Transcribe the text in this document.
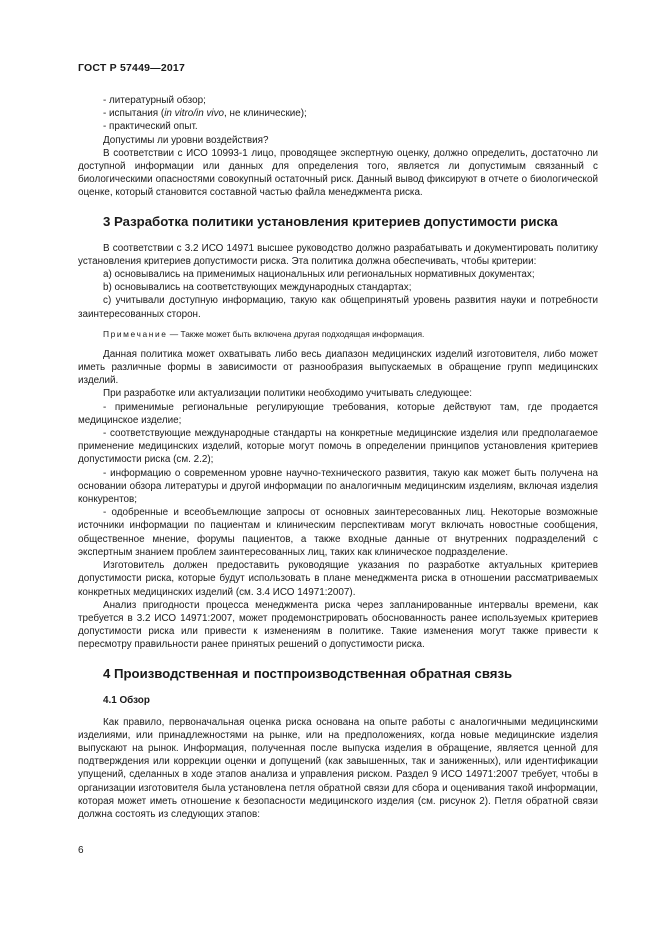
ГОСТ Р 57449—2017

- литературный обзор;

- испытания (in vitro/in vivo, не клинические);

- практический опыт.

Допустимы ли уровни воздействия?

В соответствии с ИСО 10993-1 лицо, проводящее экспертную оценку, должно определить, достаточно ли доступной информации или данных для определения того, является ли допустимым связанный с биологическими опасностями совокупный остаточный риск. Данный вывод фиксируют в отчете о биологической оценке, который становится составной частью файла менеджмента риска.

3 Разработка политики установления критериев допустимости риска

В соответствии с 3.2 ИСО 14971 высшее руководство должно разрабатывать и документировать политику установления критериев допустимости риска. Эта политика должна обеспечивать, чтобы критерии:

a) основывались на применимых национальных или региональных нормативных документах;

b) основывались на соответствующих международных стандартах;

c) учитывали доступную информацию, такую как общепринятый уровень развития науки и потребности заинтересованных сторон.

Примечание — Также может быть включена другая подходящая информация.

Данная политика может охватывать либо весь диапазон медицинских изделий изготовителя, либо может иметь различные формы в зависимости от разнообразия выпускаемых в обращение групп медицинских изделий.

При разработке или актуализации политики необходимо учитывать следующее:

- применимые региональные регулирующие требования, которые действуют там, где продается медицинское изделие;

- соответствующие международные стандарты на конкретные медицинские изделия или предполагаемое применение медицинских изделий, которые могут помочь в определении принципов установления критериев допустимости риска (см. 2.2);

- информацию о современном уровне научно-технического развития, такую как может быть получена на основании обзора литературы и другой информации по аналогичным медицинским изделиям, включая изделия конкурентов;

- одобренные и всеобъемлющие запросы от основных заинтересованных лиц. Некоторые возможные источники информации по пациентам и клиническим перспективам могут включать новостные сообщения, общественное мнение, форумы пациентов, а также входные данные от внутренних подразделений с экспертным знанием проблем заинтересованных лиц, таких как клиническое подразделение.

Изготовитель должен предоставить руководящие указания по разработке актуальных критериев допустимости риска, которые будут использовать в плане менеджмента риска в отношении рассматриваемых конкретных медицинских изделий (см. 3.4 ИСО 14971:2007).

Анализ пригодности процесса менеджмента риска через запланированные интервалы времени, как требуется в 3.2 ИСО 14971:2007, может продемонстрировать обоснованность ранее используемых критериев допустимости риска или привести к изменениям в политике. Такие изменения могут также привести к пересмотру правильности ранее принятых решений о допустимости риска.

4 Производственная и постпроизводственная обратная связь
4.1 Обзор

Как правило, первоначальная оценка риска основана на опыте работы с аналогичными медицинскими изделиями, или принадлежностями на рынке, или на предположениях, когда новые медицинские изделия выпускают на рынок. Информация, полученная после выпуска изделия в обращение, является ценной для подтверждения или коррекции оценки и допущений (как завышенных, так и заниженных), или идентификации упущений, сделанных в ходе этапов анализа и управления риском. Раздел 9 ИСО 14971:2007 требует, чтобы в организации изготовителя была установлена петля обратной связи для сбора и оценивания такой информации, которая может иметь отношение к безопасности медицинского изделия (см. рисунок 2). Петля обратной связи должна состоять из следующих этапов:

6
